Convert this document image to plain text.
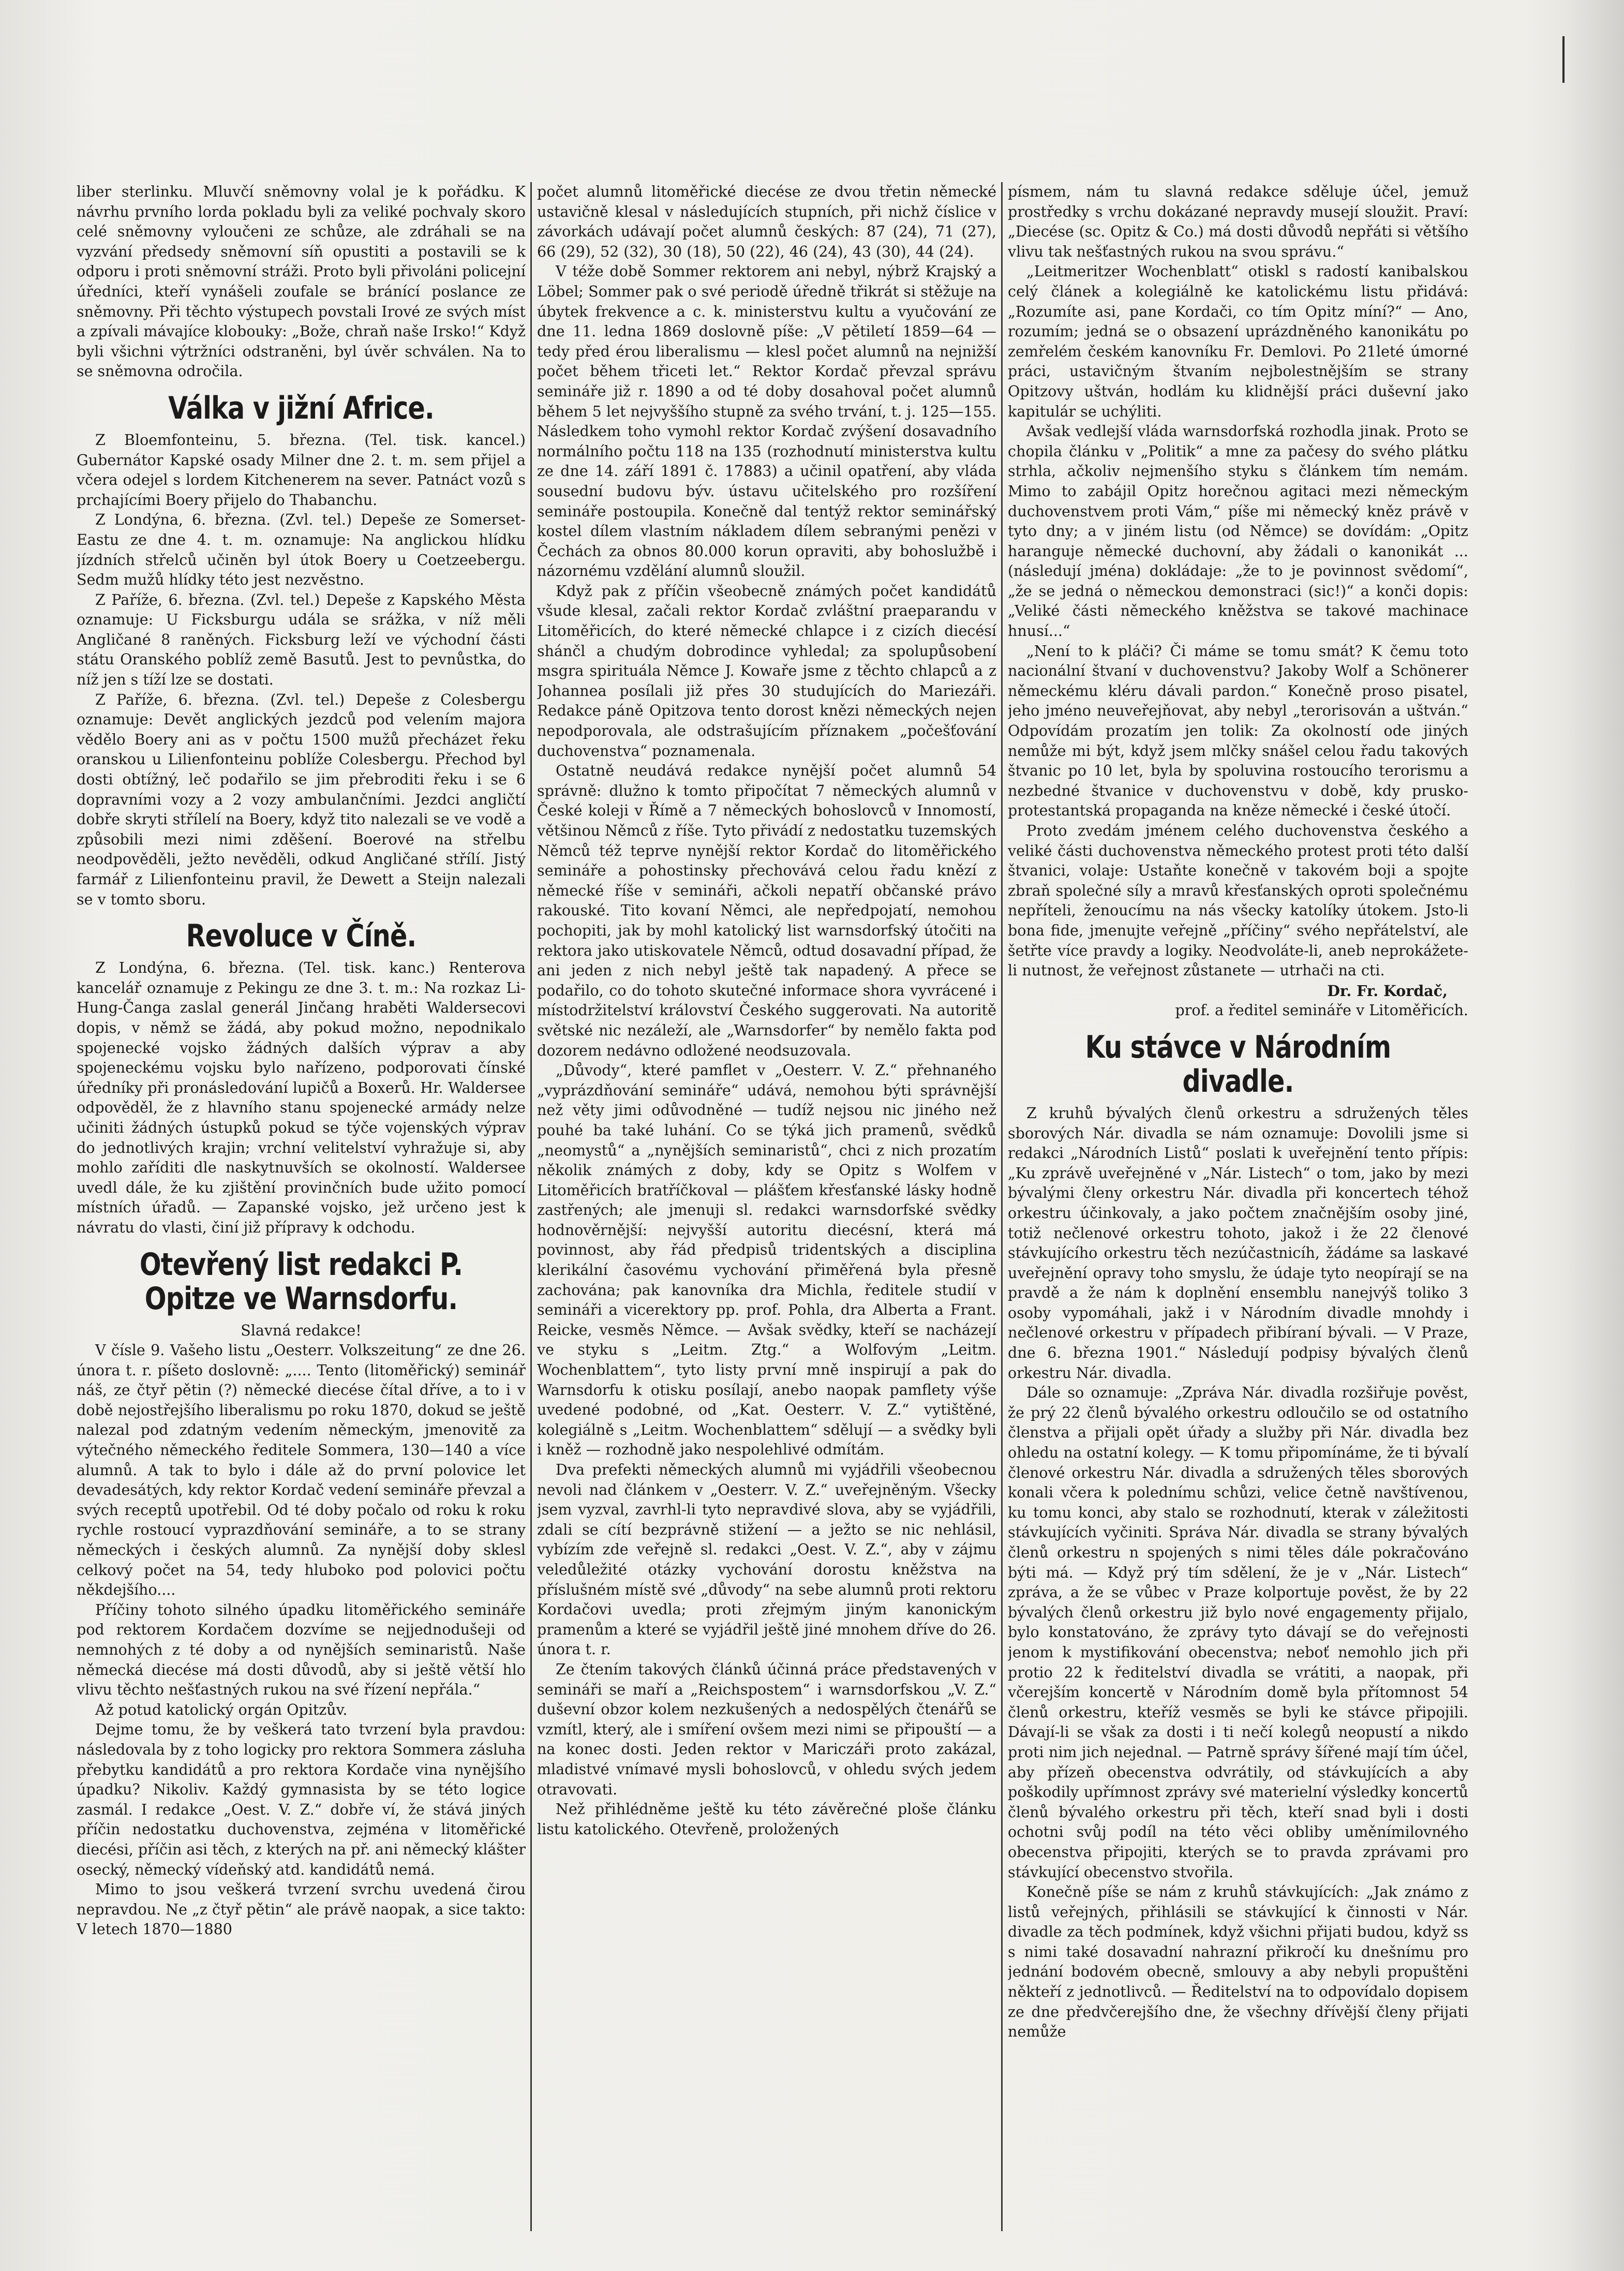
liber sterlinku. Mluvčí sněmovny volal je k pořádku. K návrhu prvního lorda pokladu byli za veliké pochvaly skoro celé sněmovny vyloučeni ze schůze, ale zdráhali se na vyzvání předsedy sněmovní síň opustiti a postavili se k odporu i proti sněmovní stráži. Proto byli přivoláni policejní úředníci, kteří vynášeli zoufale se bránící poslance ze sněmovny. Při těchto výstupech povstali Irové ze svých míst a zpívali mávajíce klobouky: „Bože, chraň naše Irsko!“ Když byli všichni výtržníci odstraněni, byl úvěr schválen. Na to se sněmovna odročila.

Válka v jižní Africe.

Z Bloemfonteinu, 5. března. (Tel. tisk. kancel.) Gubernátor Kapské osady Milner dne 2. t. m. sem přijel a včera odejel s lordem Kitchenerem na sever. Patnáct vozů s prchajícími Boery přijelo do Thabanchu.

Z Londýna, 6. března. (Zvl. tel.) Depeše ze Somerset-Eastu ze dne 4. t. m. oznamuje: Na anglickou hlídku jízdních střelců učiněn byl útok Boery u Coetzeebergu. Sedm mužů hlídky této jest nezvěstno.

Z Paříže, 6. března. (Zvl. tel.) Depeše z Kapského Města oznamuje: U Ficksburgu udála se srážka, v níž měli Angličané 8 raněných. Ficksburg leží ve východní části státu Oranského poblíž země Basutů. Jest to pevnůstka, do níž jen s tíží lze se dostati.

Z Paříže, 6. března. (Zvl. tel.) Depeše z Colesbergu oznamuje: Devět anglických jezdců pod velením majora vědělo Boery ani as v počtu 1500 mužů přecházet řeku oranskou u Lilienfonteinu poblíže Colesbergu. Přechod byl dosti obtížný, leč podařilo se jim přebroditi řeku i se 6 dopravními vozy a 2 vozy ambulančními. Jezdci angličtí dobře skryti střílelí na Boery, když tito nalezali se ve vodě a způsobili mezi nimi zděšení. Boerové na střelbu neodpověděli, ježto nevěděli, odkud Angličané střílí. Jistý farmář z Lilienfonteinu pravil, že Dewett a Steijn nalezali se v tomto sboru.

Revoluce v Číně.

Z Londýna, 6. března. (Tel. tisk. kanc.) Renterova kancelář oznamuje z Pekingu ze dne 3. t. m.: Na rozkaz Li-Hung-Čanga zaslal generál Jinčang hraběti Waldersecovi dopis, v němž se žádá, aby pokud možno, nepodnikalo spojenecké vojsko žádných dalších výprav a aby spojeneckému vojsku bylo nařízeno, podporovati čínské úředníky při pronásledování lupičů a Boxerů. Hr. Waldersee odpověděl, že z hlavního stanu spojenecké armády nelze učiniti žádných ústupků pokud se týče vojenských výprav do jednotlivých krajin; vrchní velitelství vyhražuje si, aby mohlo zaříditi dle naskytnuvších se okolností. Waldersee uvedl dále, že ku zjištění provinčních bude užito pomocí místních úřadů. — Zapanské vojsko, jež určeno jest k návratu do vlasti, činí již přípravy k odchodu.

Otevřený list redakci P. Opitze ve Warnsdorfu.

Slavná redakce!

V čísle 9. Vašeho listu „Oesterr. Volkszeitung“ ze dne 26. února t. r. píšeto doslovně: „.... Tento (litoměřický) seminář náš, ze čtyř pětin (?) německé diecése čítal dříve, a to i v době nejostřejšího liberalismu po roku 1870, dokud se ještě nalezal pod zdatným vedením německým, jmenovitě za výtečného německého ředitele Sommera, 130—140 a více alumnů. A tak to bylo i dále až do první polovice let devadesátých, kdy rektor Kordač vedení semináře převzal a svých receptů upotřebil. Od té doby počalo od roku k roku rychle rostoucí vyprazdňování semináře, a to se strany německých i českých alumnů. Za nynější doby sklesl celkový počet na 54, tedy hluboko pod polovici počtu někdejšího....

Příčiny tohoto silného úpadku litoměřického semináře pod rektorem Kordačem dozvíme se nejjednodušeji od nemnohých z té doby a od nynějších seminaristů. Naše německá diecése má dosti důvodů, aby si ještě větší hlo vlivu těchto nešťastných rukou na své řízení nepřála.“

Až potud katolický orgán Opitzův.

Dejme tomu, že by veškerá tato tvrzení byla pravdou: následovala by z toho logicky pro rektora Sommera zásluha přebytku kandidátů a pro rektora Kordače vina nynějšího úpadku? Nikoliv. Každý gymnasista by se této logice zasmál. I redakce „Oest. V. Z.“ dobře ví, že stává jiných příčin nedostatku duchovenstva, zejména v litoměřické diecési, příčin asi těch, z kterých na př. ani německý klášter osecký, německý vídeňský atd. kandidátů nemá.

Mimo to jsou veškerá tvrzení svrchu uvedená čirou nepravdou. Ne „z čtyř pětin“ ale právě naopak, a sice takto: V letech 1870—1880

počet alumnů litoměřické diecése ze dvou třetin německé ustavičně klesal v následujících stupních, při nichž číslice v závorkách udávají počet alumnů českých: 87 (24), 71 (27), 66 (29), 52 (32), 30 (18), 50 (22), 46 (24), 43 (30), 44 (24).

V téže době Sommer rektorem ani nebyl, nýbrž Krajský a Löbel; Sommer pak o své periodě úředně třikrát si stěžuje na úbytek frekvence a c. k. ministerstvu kultu a vyučování ze dne 11. ledna 1869 doslovně píše: „V pětiletí 1859—64 — tedy před érou liberalismu — klesl počet alumnů na nejnižší počet během třiceti let.“ Rektor Kordač převzal správu semináře již r. 1890 a od té doby dosahoval počet alumnů během 5 let nejvyššího stupně za svého trvání, t. j. 125—155. Následkem toho vymohl rektor Kordač zvýšení dosavadního normálního počtu 118 na 135 (rozhodnutí ministerstva kultu ze dne 14. září 1891 č. 17883) a učinil opatření, aby vláda sousední budovu býv. ústavu učitelského pro rozšíření semináře postoupila. Konečně dal tentýž rektor seminářský kostel dílem vlastním nákladem dílem sebranými penězi v Čechách za obnos 80.000 korun opraviti, aby bohoslužbě i názornému vzdělání alumnů sloužil.

Když pak z příčin všeobecně známých počet kandidátů všude klesal, začali rektor Kordač zvláštní praeparandu v Litoměřicích, do které německé chlapce i z cizích diecésí shánčl a chudým dobrodince vyhledal; za spolupůsobení msgra spirituála Němce J. Kowaře jsme z těchto chlapců a z Johannea posílali již přes 30 studujících do Mariezáři. Redakce páně Opitzova tento dorost knězi německých nejen nepodporovala, ale odstrašujícím příznakem „počešťování duchovenstva“ poznamenala.

Ostatně neudává redakce nynější počet alumnů 54 správně: dlužno k tomto připočítat 7 německých alumnů v České koleji v Římě a 7 německých bohoslovců v Innomostí, většinou Němců z říše. Tyto přivádí z nedostatku tuzemských Němců též teprve nynější rektor Kordač do litoměřického semináře a pohostinsky přechovává celou řadu knězí z německé říše v semináři, ačkoli nepatří občanské právo rakouské. Tito kovaní Němci, ale nepředpojatí, nemohou pochopiti, jak by mohl katolický list warnsdorfský útočiti na rektora jako utiskovatele Němců, odtud dosavadní případ, že ani jeden z nich nebyl ještě tak napadený. A přece se podařilo, co do tohoto skutečné informace shora vyvrácené i místodržitelství království Českého suggerovati. Na autoritě světské nic nezáleží, ale „Warnsdorfer“ by nemělo fakta pod dozorem nedávno odložené neodsuzovala.

„Důvody“, které pamflet v „Oesterr. V. Z.“ přehnaného „vyprázdňování semináře“ udává, nemohou býti správnější než věty jimi odůvodněné — tudíž nejsou nic jiného než pouhé ba také luhání. Co se týká jich pramenů, svědků „neomystů“ a „nynějších seminaristů“, chci z nich prozatím několik známých z doby, kdy se Opitz s Wolfem v Litoměřicích bratříčkoval — plášťem křesťanské lásky hodně zastřených; ale jmenuji sl. redakci warnsdorfské svědky hodnověrnější: nejvyšší autoritu diecésní, která má povinnost, aby řád předpisů tridentských a disciplina klerikální časovému vychování přiměřená byla přesně zachována; pak kanovníka dra Michla, ředitele studií v semináři a vicerektory pp. prof. Pohla, dra Alberta a Frant. Reicke, vesměs Němce. — Avšak svědky, kteří se nacházejí ve styku s „Leitm. Ztg.“ a Wolfovým „Leitm. Wochenblattem“, tyto listy první mně inspirují a pak do Warnsdorfu k otisku posílají, anebo naopak pamflety výše uvedené podobné, od „Kat. Oesterr. V. Z.“ vytištěné, kolegiálně s „Leitm. Wochenblattem“ sdělují — a svědky byli i kněž — rozhodně jako nespolehlivé odmítám.

Dva prefekti německých alumnů mi vyjádřili všeobecnou nevoli nad článkem v „Oesterr. V. Z.“ uveřejněným. Všecky jsem vyzval, zavrhl-li tyto nepravdivé slova, aby se vyjádřili, zdali se cítí bezprávně stižení — a ježto se nic nehlásil, vybízím zde veřejně sl. redakci „Oest. V. Z.“, aby v zájmu veledůležité otázky vychování dorostu kněžstva na příslušném místě své „důvody“ na sebe alumnů proti rektoru Kordačovi uvedla; proti zřejmým jiným kanonickým pramenům a které se vyjádřil ještě jiné mnohem dříve do 26. února t. r.

Ze čtením takových článků účinná práce představených v semináři se maří a „Reichspostem“ i warnsdorfskou „V. Z.“ duševní obzor kolem nezkušených a nedospělých čtenářů se vzmítl, který, ale i smíření ovšem mezi nimi se připouští — a na konec dosti. Jeden rektor v Mariczáři proto zakázal, mladistvé vnímavé mysli bohoslovců, v ohledu svých jedem otravovati.

Než přihlédněme ještě ku této závěrečné ploše článku listu katolického. Otevřeně, proložených

písmem, nám tu slavná redakce sděluje účel, jemuž prostředky s vrchu dokázané nepravdy musejí sloužit. Praví: „Diecése (sc. Opitz & Co.) má dosti důvodů nepřáti si většího vlivu tak nešťastných rukou na svou správu.“

„Leitmeritzer Wochenblatt“ otiskl s radostí kanibalskou celý článek a kolegiálně ke katolickému listu přidává: „Rozumíte asi, pane Kordači, co tím Opitz míní?“ — Ano, rozumím; jedná se o obsazení uprázdněného kanonikátu po zemřelém českém kanovníku Fr. Demlovi. Po 21leté úmorné práci, ustavičným štvaním nejbolestnějším se strany Opitzovy uštván, hodlám ku klidnější práci duševní jako kapitulár se uchýliti.

Avšak vedlejší vláda warnsdorfská rozhodla jinak. Proto se chopila článku v „Politik“ a mne za pačesy do svého plátku strhla, ačkoliv nejmenšího styku s článkem tím nemám. Mimo to zabájil Opitz horečnou agitaci mezi německým duchovenstvem proti Vám,“ píše mi německý kněz právě v tyto dny; a v jiném listu (od Němce) se dovídám: „Opitz haranguje německé duchovní, aby žádali o kanonikát ... (následují jména) dokládaje: „že to je povinnost svědomí“, „že se jedná o německou demonstraci (sic!)“ a konči dopis: „Veliké části německého kněžstva se takové machinace hnusí...“

„Není to k pláči? Či máme se tomu smát? K čemu toto nacionální štvaní v duchovenstvu? Jakoby Wolf a Schönerer německému kléru dávali pardon.“ Konečně proso pisatel, jeho jméno neuveřejňovat, aby nebyl „terorisován a uštván.“ Odpovídám prozatím jen tolik: Za okolností ode jiných nemůže mi být, když jsem mlčky snášel celou řadu takových štvanic po 10 let, byla by spoluvina rostoucího terorismu a nezbedné štvanice v duchovenstvu v době, kdy prusko-protestantská propaganda na kněze německé i české útočí.

Proto zvedám jménem celého duchovenstva českého a veliké části duchovenstva německého protest proti této další štvanici, volaje: Ustaňte konečně v takovém boji a spojte zbraň společné síly a mravů křesťanských oproti společnému nepříteli, ženoucímu na nás všecky katolíky útokem. Jsto-li bona fide, jmenujte veřejně „příčiny“ svého nepřátelství, ale šetřte více pravdy a logiky. Neodvoláte-li, aneb neprokážete-li nutnost, že veřejnost zůstanete — utrhači na cti.

Dr. Fr. Kordač,

prof. a ředitel semináře v Litoměřicích.

Ku stávce v Národním divadle.

Z kruhů bývalých členů orkestru a sdružených těles sborových Nár. divadla se nám oznamuje: Dovolili jsme si redakci „Národních Listů“ poslati k uveřejnění tento přípis: „Ku zprávě uveřejněné v „Nár. Listech“ o tom, jako by mezi bývalými členy orkestru Nár. divadla při koncertech téhož orkestru účinkovaly, a jako počtem značnějším osoby jiné, totiž nečlenové orkestru tohoto, jakož i že 22 členové stávkujícího orkestru těch nezúčastnicíh, žádáme sa laskavé uveřejnění opravy toho smyslu, že údaje tyto neopírají se na pravdě a že nám k doplnění ensemblu nanejvýš toliko 3 osoby vypomáhali, jakž i v Národním divadle mnohdy i nečlenové orkestru v případech přibíraní bývali. — V Praze, dne 6. března 1901.“ Následují podpisy bývalých členů orkestru Nár. divadla.

Dále so oznamuje: „Zpráva Nár. divadla rozšiřuje pověst, že prý 22 členů bývalého orkestru odloučilo se od ostatního členstva a přijali opět úřady a služby při Nár. divadla bez ohledu na ostatní kolegy. — K tomu připomínáme, že ti bývalí členové orkestru Nár. divadla a sdružených těles sborových konali včera k polednímu schůzi, velice četně navštívenou, ku tomu konci, aby stalo se rozhodnutí, kterak v záležitosti stávkujících vyčiniti. Správa Nár. divadla se strany bývalých členů orkestru n spojených s nimi těles dále pokračováno býti má. — Když prý tím sdělení, že je v „Nár. Listech“ zpráva, a že se vůbec v Praze kolportuje pověst, že by 22 bývalých členů orkestru již bylo nové engagementy přijalo, bylo konstatováno, že zprávy tyto dávají se do veřejnosti jenom k mystifikování obecenstva; neboť nemohlo jich při protio 22 k ředitelství divadla se vrátiti, a naopak, při včerejším koncertě v Národním domě byla přítomnost 54 členů orkestru, kteříž vesměs se byli ke stávce připojili. Dávají-li se však za dosti i ti nečí kolegů neopustí a nikdo proti nim jich nejednal. — Patrně správy šířené mají tím účel, aby přízeň obecenstva odvrátily, od stávkujících a aby poškodily upřímnost zprávy své materielní výsledky koncertů členů bývalého orkestru při těch, kteří snad byli i dosti ochotni svůj podíl na této věci obliby uměnímilovného obecenstva připojiti, kterých se to pravda zprávami pro stávkující obecenstvo stvořila.

Konečně píše se nám z kruhů stávkujících: „Jak známo z listů veřejných, přihlásili se stávkující k činnosti v Nár. divadle za těch podmínek, když všichni přijati budou, když ss s nimi také dosavadní nahrazní přikročí ku dnešnímu pro jednání bodovém obecně, smlouvy a aby nebyli propuštěni někteří z jednotlivců. — Ředitelství na to odpovídalo dopisem ze dne předvčerejšího dne, že všechny dřívější členy přijati nemůže
